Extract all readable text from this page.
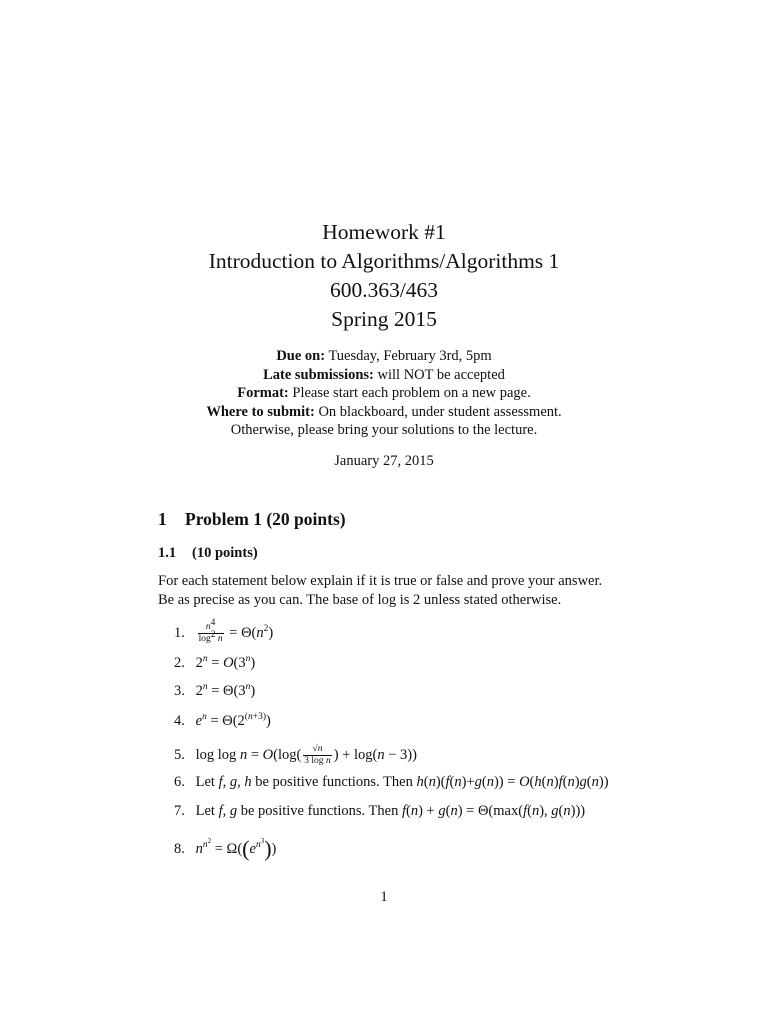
Homework #1
Introduction to Algorithms/Algorithms 1
600.363/463
Spring 2015
Due on: Tuesday, February 3rd, 5pm
Late submissions: will NOT be accepted
Format: Please start each problem on a new page.
Where to submit: On blackboard, under student assessment.
Otherwise, please bring your solutions to the lecture.
January 27, 2015
1 Problem 1 (20 points)
1.1 (10 points)
For each statement below explain if it is true or false and prove your answer. Be as precise as you can. The base of log is 2 unless stated otherwise.
1. $\frac{n^4}{\log^2 n} = \Theta(n^2)$
2. $2^n = O(3^n)$
3. $2^n = \Theta(3^n)$
4. $e^n = \Theta(2^{(n+3)})$
5. $\log \log n = O(\log( \frac{√n}{\text{3 log n}}$ ) + log(n − 3))
6. Let f, g, h be positive functions. Then h(n)(f(n)+g(n)) = O(h(n)f(n)g(n))
7. Let f, g be positive functions. Then f(n) + g(n) = Θ(max(f(n), g(n)))
8. $n^{n^2} = \Omega((e^{n^3}))$
1
